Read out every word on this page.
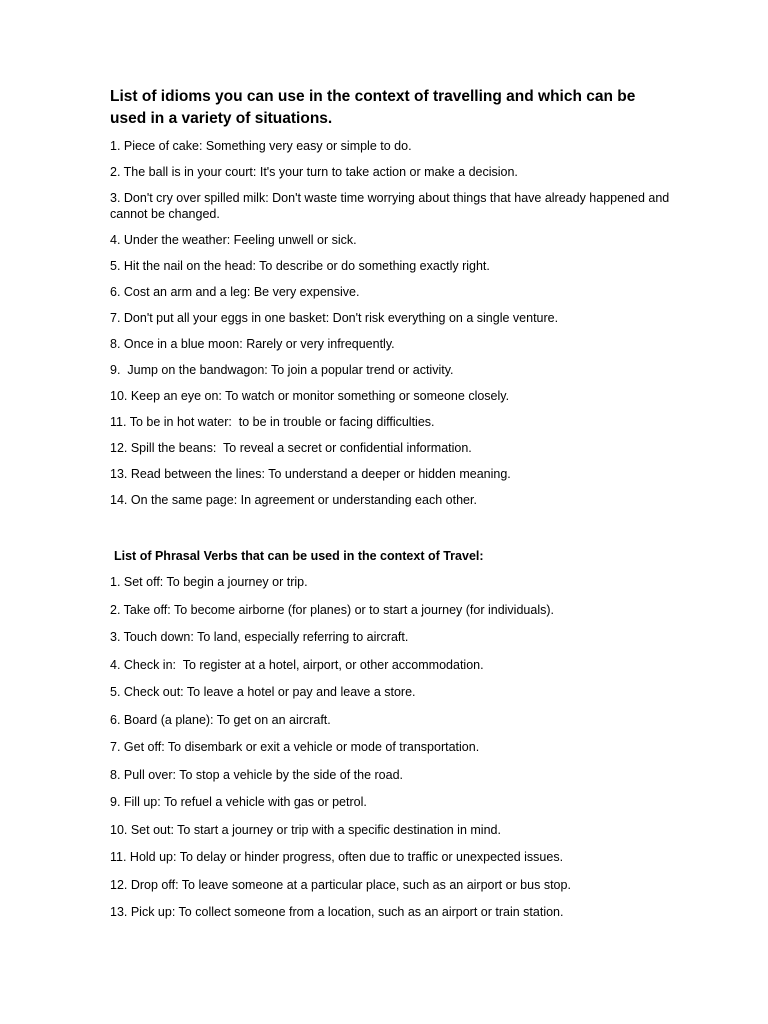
List of idioms you can use in the context of travelling and which can be used in a variety of situations.
1. Piece of cake: Something very easy or simple to do.
2. The ball is in your court: It's your turn to take action or make a decision.
3. Don't cry over spilled milk: Don't waste time worrying about things that have already happened and cannot be changed.
4. Under the weather: Feeling unwell or sick.
5. Hit the nail on the head: To describe or do something exactly right.
6. Cost an arm and a leg: Be very expensive.
7. Don't put all your eggs in one basket: Don't risk everything on a single venture.
8. Once in a blue moon: Rarely or very infrequently.
9.  Jump on the bandwagon: To join a popular trend or activity.
10. Keep an eye on: To watch or monitor something or someone closely.
11. To be in hot water:  to be in trouble or facing difficulties.
12. Spill the beans:  To reveal a secret or confidential information.
13. Read between the lines: To understand a deeper or hidden meaning.
14. On the same page: In agreement or understanding each other.
List of Phrasal Verbs that can be used in the context of Travel:
1. Set off: To begin a journey or trip.
2. Take off: To become airborne (for planes) or to start a journey (for individuals).
3. Touch down: To land, especially referring to aircraft.
4. Check in:  To register at a hotel, airport, or other accommodation.
5. Check out: To leave a hotel or pay and leave a store.
6. Board (a plane): To get on an aircraft.
7. Get off: To disembark or exit a vehicle or mode of transportation.
8. Pull over: To stop a vehicle by the side of the road.
9. Fill up: To refuel a vehicle with gas or petrol.
10. Set out: To start a journey or trip with a specific destination in mind.
11. Hold up: To delay or hinder progress, often due to traffic or unexpected issues.
12. Drop off: To leave someone at a particular place, such as an airport or bus stop.
13. Pick up: To collect someone from a location, such as an airport or train station.
